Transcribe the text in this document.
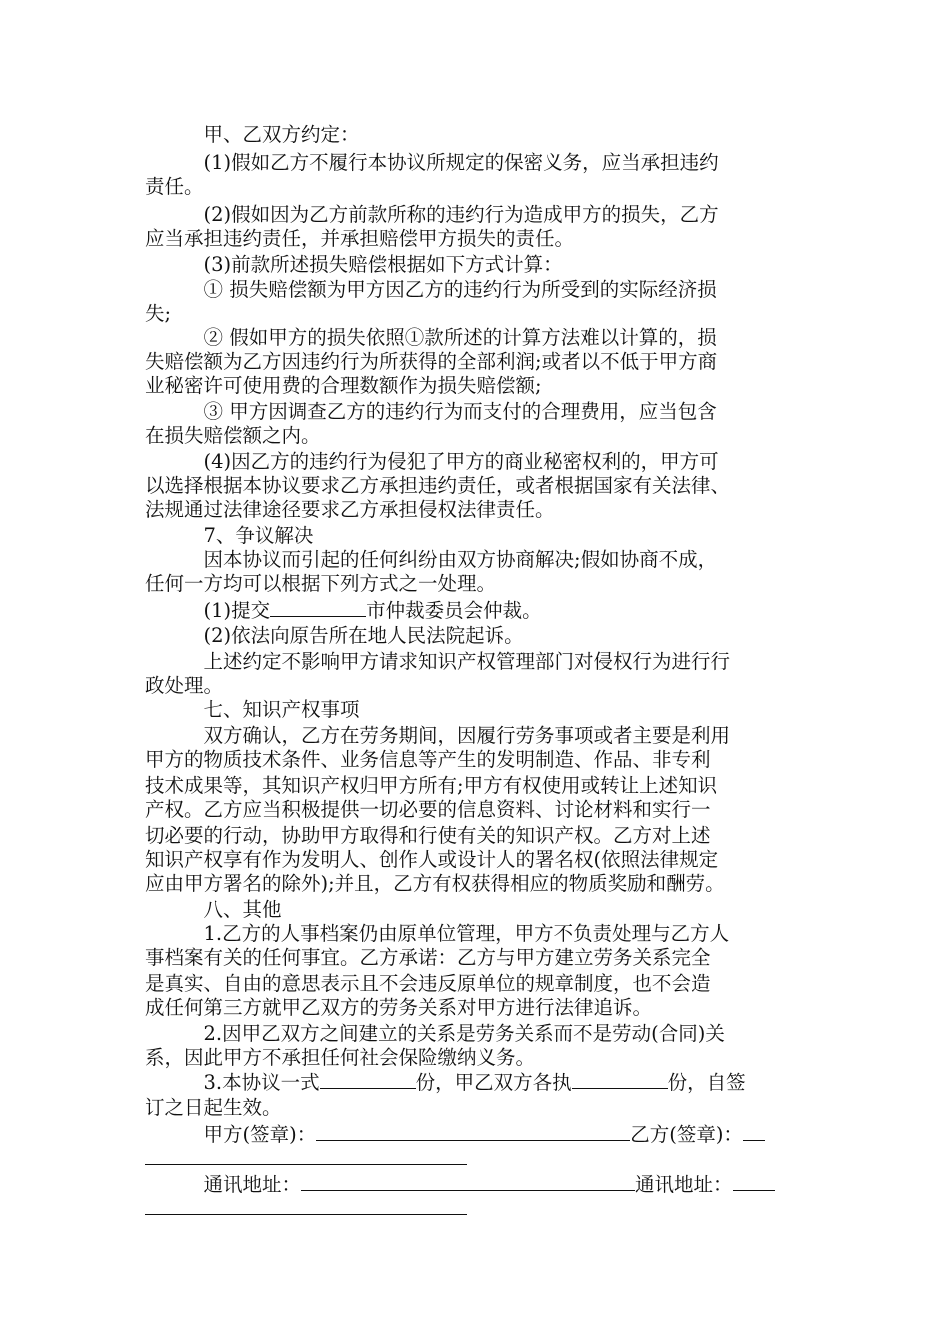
　　　甲、乙双方约定：
　　　(1)假如乙方不履行本协议所规定的保密义务，应当承担违约
责任。
　　　(2)假如因为乙方前款所称的违约行为造成甲方的损失，乙方
应当承担违约责任，并承担赔偿甲方损失的责任。
　　　(3)前款所述损失赔偿根据如下方式计算：
　　　① 损失赔偿额为甲方因乙方的违约行为所受到的实际经济损
失;
　　　② 假如甲方的损失依照①款所述的计算方法难以计算的，损
失赔偿额为乙方因违约行为所获得的全部利润;或者以不低于甲方商
业秘密许可使用费的合理数额作为损失赔偿额;
　　　③ 甲方因调查乙方的违约行为而支付的合理费用，应当包含
在损失赔偿额之内。
　　　(4)因乙方的违约行为侵犯了甲方的商业秘密权利的，甲方可
以选择根据本协议要求乙方承担违约责任，或者根据国家有关法律、
法规通过法律途径要求乙方承担侵权法律责任。
　　　7、争议解决
　　　因本协议而引起的任何纠纷由双方协商解决;假如协商不成，
任何一方均可以根据下列方式之一处理。
　　　(1)提交	市仲裁委员会仲裁。
　　　(2)依法向原告所在地人民法院起诉。
　　　上述约定不影响甲方请求知识产权管理部门对侵权行为进行行
政处理。
　　　七、知识产权事项
　　　双方确认，乙方在劳务期间，因履行劳务事项或者主要是利用
甲方的物质技术条件、业务信息等产生的发明制造、作品、非专利
技术成果等，其知识产权归甲方所有;甲方有权使用或转让上述知识
产权。乙方应当积极提供一切必要的信息资料、讨论材料和实行一
切必要的行动，协助甲方取得和行使有关的知识产权。乙方对上述
知识产权享有作为发明人、创作人或设计人的署名权(依照法律规定
应由甲方署名的除外);并且，乙方有权获得相应的物质奖励和酬劳。
　　　八、其他
　　　1.乙方的人事档案仍由原单位管理，甲方不负责处理与乙方人
事档案有关的任何事宜。乙方承诺：乙方与甲方建立劳务关系完全
是真实、自由的意思表示且不会违反原单位的规章制度，也不会造
成任何第三方就甲乙双方的劳务关系对甲方进行法律追诉。
　　　2.因甲乙双方之间建立的关系是劳务关系而不是劳动(合同)关
系，因此甲方不承担任何社会保险缴纳义务。
　　　3.本协议一式	份，甲乙双方各执	份，自签
订之日起生效。
　　　甲方(签章)：	乙方(签章)：
　　　通讯地址：	通讯地址：
